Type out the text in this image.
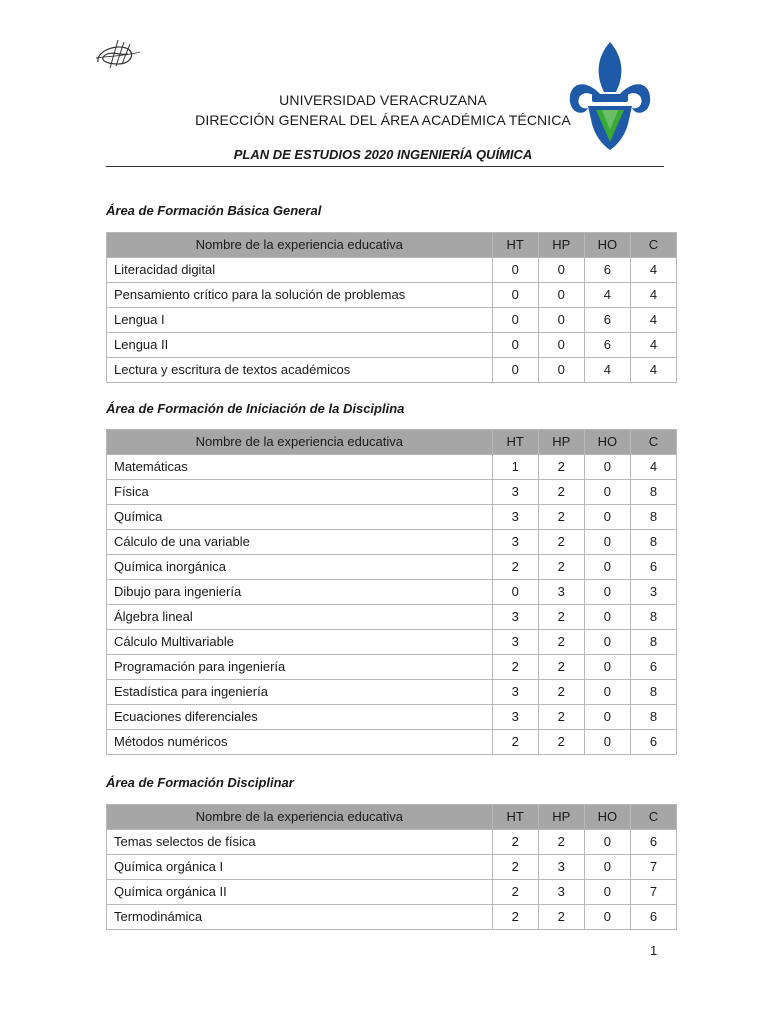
UNIVERSIDAD VERACRUZANA
DIRECCIÓN GENERAL DEL ÁREA ACADÉMICA TÉCNICA
PLAN DE ESTUDIOS 2020 INGENIERÍA QUÍMICA
Área de Formación Básica General
Nombre de la experiencia educativa	HT	HP	HO	C
Literacidad digital	0	0	6	4
Pensamiento crítico para la solución de problemas	0	0	4	4
Lengua I	0	0	6	4
Lengua II	0	0	6	4
Lectura y escritura de textos académicos	0	0	4	4
Área de Formación de Iniciación de la Disciplina
Nombre de la experiencia educativa	HT	HP	HO	C
Matemáticas	1	2	0	4
Física	3	2	0	8
Química	3	2	0	8
Cálculo de una variable	3	2	0	8
Química inorgánica	2	2	0	6
Dibujo para ingeniería	0	3	0	3
Álgebra lineal	3	2	0	8
Cálculo Multivariable	3	2	0	8
Programación para ingeniería	2	2	0	6
Estadística para ingeniería	3	2	0	8
Ecuaciones diferenciales	3	2	0	8
Métodos numéricos	2	2	0	6
Área de Formación Disciplinar
Nombre de la experiencia educativa	HT	HP	HO	C
Temas selectos de física	2	2	0	6
Química orgánica I	2	3	0	7
Química orgánica II	2	3	0	7
Termodinámica	2	2	0	6
1
